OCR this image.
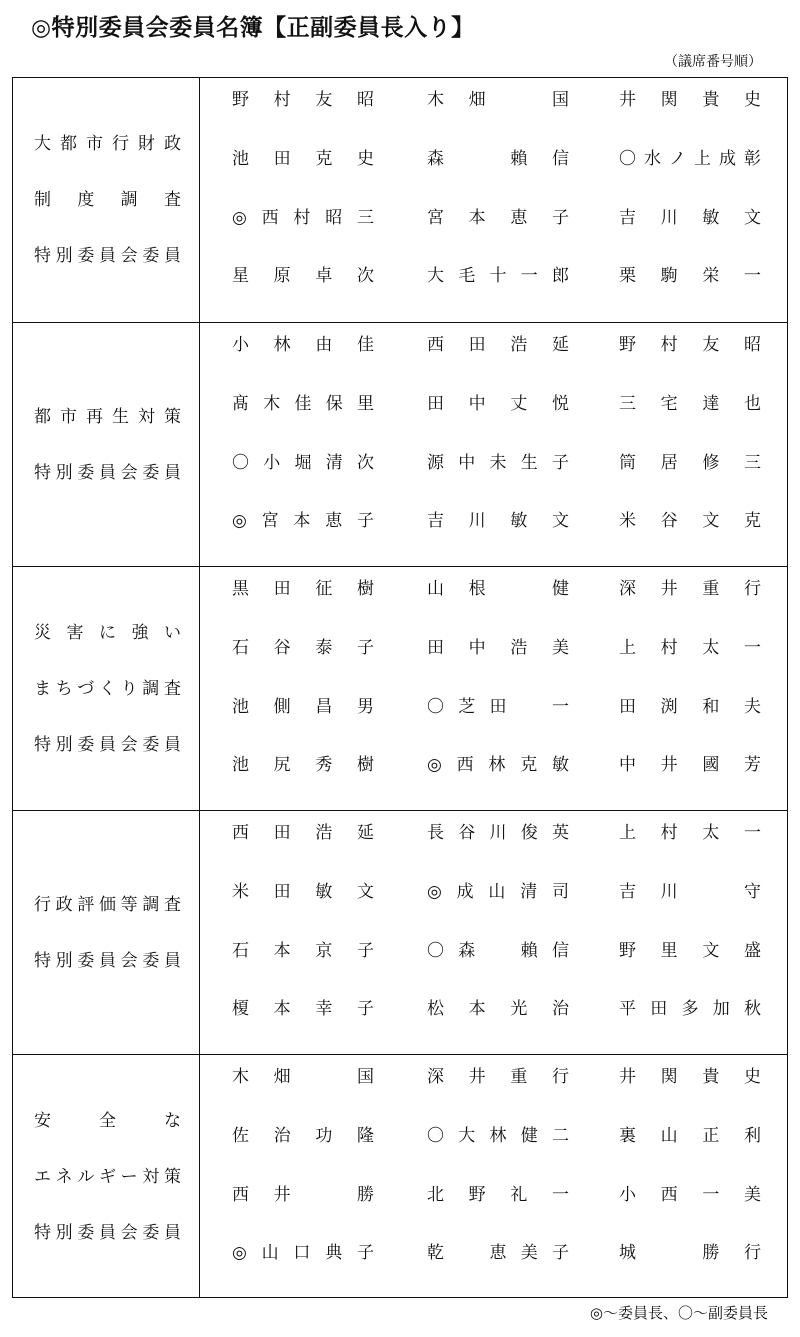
◎特別委員会委員名簿【正副委員長入り】
（議席番号順）
大都市行財政
制度調査
特別委員会委員
野村友昭	木畑　国	井関貴史
池田克史	森　賴信	〇水ノ上成彰
◎西村昭三	宮本恵子	吉川敏文
星原卓次	大毛十一郎	栗駒栄一
都市再生対策
特別委員会委員
小林由佳	西田浩延	野村友昭
髙木佳保里	田中丈悦	三宅達也
〇小堀清次	源中未生子	筒居修三
◎宮本恵子	吉川敏文	米谷文克
災害に強い
まちづくり調査
特別委員会委員
黒田征樹	山根　健	深井重行
石谷泰子	田中浩美	上村太一
池側昌男	〇芝田　一	田渕和夫
池尻秀樹	◎西林克敏	中井國芳
行政評価等調査
特別委員会委員
西田浩延	長谷川俊英	上村太一
米田敏文	◎成山清司	吉川　守
石本京子	〇森　賴信	野里文盛
榎本幸子	松本光治	平田多加秋
安全な
エネルギー対策
特別委員会委員
木畑　国	深井重行	井関貴史
佐治功隆	〇大林健二	裏山正利
西井　勝	北野礼一	小西一美
◎山口典子	乾　恵美子	城　勝行
◎～委員長、〇～副委員長
